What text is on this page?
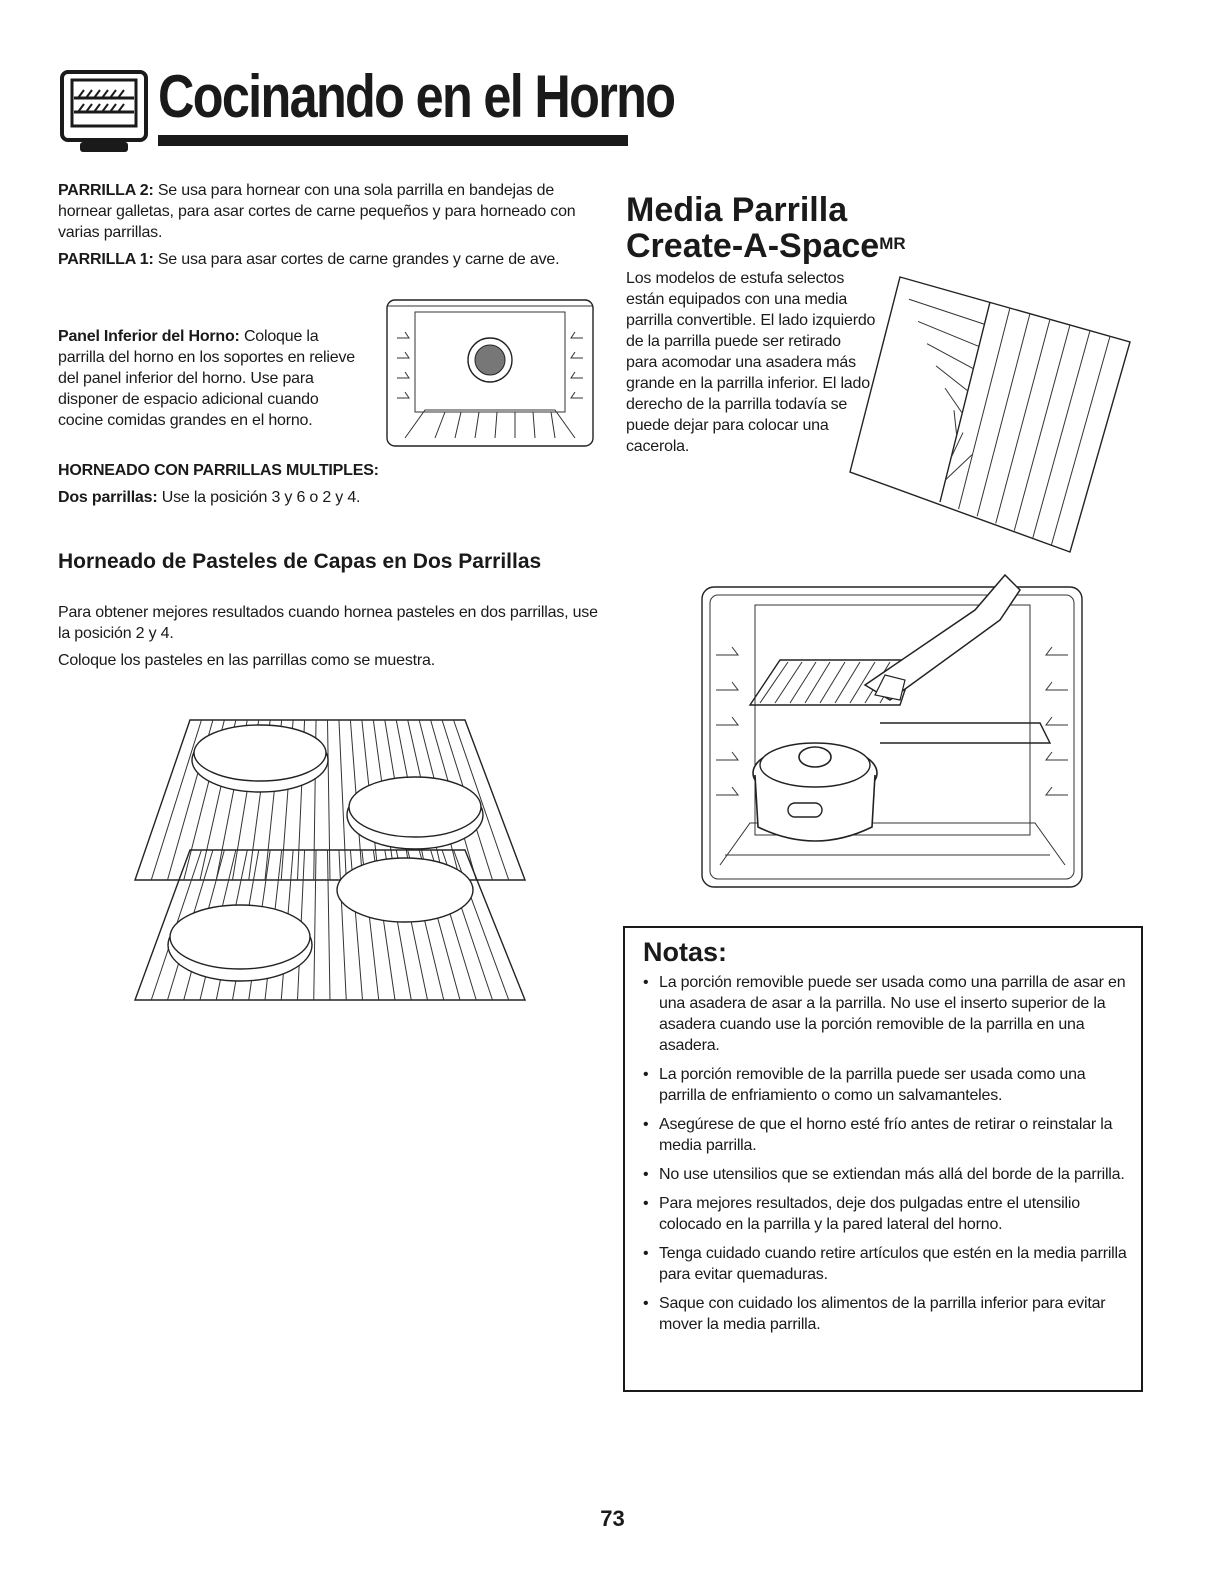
Cocinando en el Horno

PARRILLA 2: Se usa para hornear con una sola parrilla en bandejas de hornear galletas, para asar cortes de carne pequeños y para horneado con varias parrillas.

PARRILLA 1: Se usa para asar cortes de carne grandes y carne de ave.

Panel Inferior del Horno: Coloque la parrilla del horno en los soportes en relieve del panel inferior del horno. Use para disponer de espacio adicional cuando cocine comidas grandes en el horno.

HORNEADO CON PARRILLAS MULTIPLES:

Dos parrillas: Use la posición 3 y 6 o 2 y 4.

Horneado de Pasteles de Capas en Dos Parrillas

Para obtener mejores resultados cuando hornea pasteles en dos parrillas, use la posición 2 y 4.

Coloque los pasteles en las parrillas como se muestra.

Media Parrilla
Create-A-Space$^{MR}$
Los modelos de estufa selectos están equipados con una media parrilla convertible. El lado izquierdo de la parrilla puede ser retirado para acomodar una asadera más grande en la parrilla inferior. El lado derecho de la parrilla todavía se puede dejar para colocar una cacerola.
Notas:
• La porción removible puede ser usada como una parrilla de asar en una asadera de asar a la parrilla. No use el inserto superior de la asadera cuando use la porción removible de la parrilla en una asadera.
• La porción removible de la parrilla puede ser usada como una parrilla de enfriamiento o como un salvamanteles.
• Asegúrese de que el horno esté frío antes de retirar o reinstalar la media parrilla.
• No use utensilios que se extiendan más allá del borde de la parrilla.
• Para mejores resultados, deje dos pulgadas entre el utensilio colocado en la parrilla y la pared lateral del horno.
• Tenga cuidado cuando retire artículos que estén en la media parrilla para evitar quemaduras.
• Saque con cuidado los alimentos de la parrilla inferior para evitar mover la media parrilla.
73
